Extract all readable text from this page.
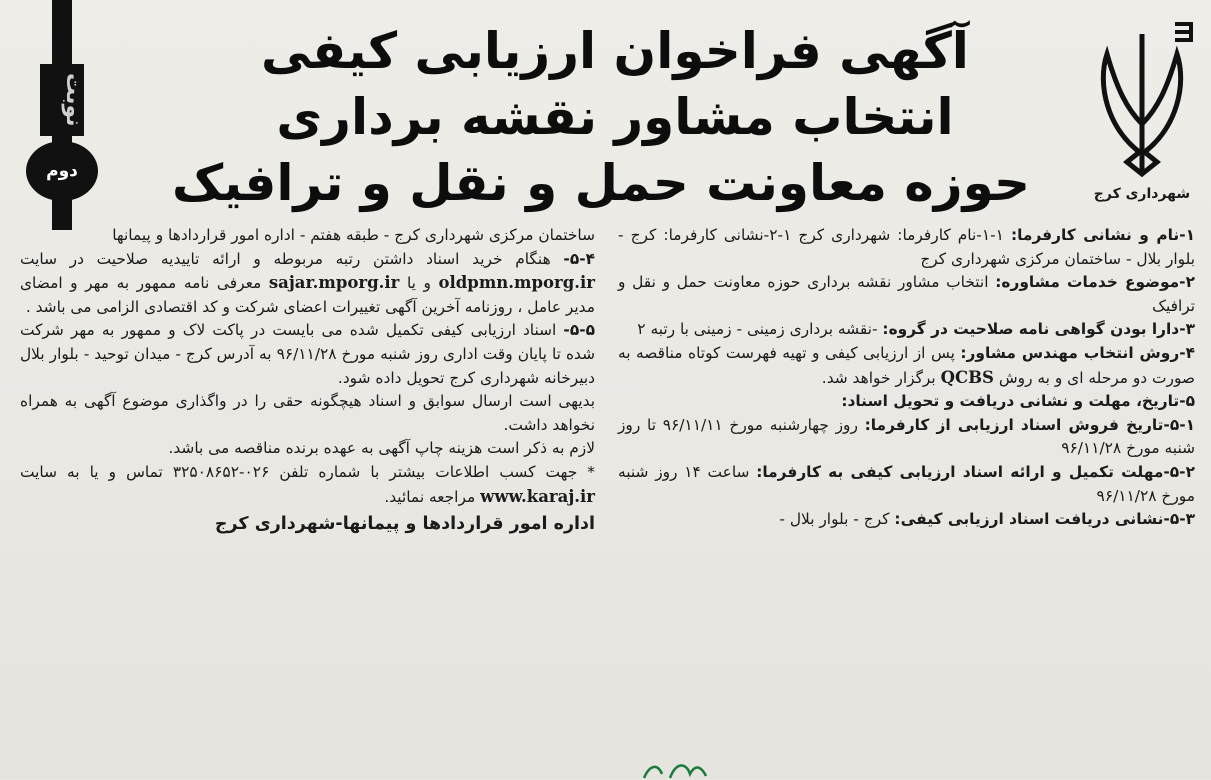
نوبت
دوم
شهرداری کرج
آگهی فراخوان ارزیابی کیفی
انتخاب مشاور نقشه برداری
حوزه معاونت حمل و نقل و ترافیک

۱-نام و نشانی کارفرما: ۱-۱-نام کارفرما: شهرداری کرج ۱-۲-نشانی کارفرما: کرج - بلوار بلال - ساختمان مرکزی شهرداری کرج

۲-موضوع خدمات مشاوره: انتخاب مشاور نقشه برداری حوزه معاونت حمل و نقل و ترافیک

۳-دارا بودن گواهی نامه صلاحیت در گروه: -نقشه برداری زمینی - زمینی با رتبه ۲

۴-روش انتخاب مهندس مشاور: پس از ارزیابی کیفی و تهیه فهرست کوتاه مناقصه به صورت دو مرحله ای و به روش QCBS برگزار خواهد شد.

۵-تاریخ، مهلت و نشانی دریافت و تحویل اسناد:

۵-۱-تاریخ فروش اسناد ارزیابی از کارفرما: روز چهارشنبه مورخ ۹۶/۱۱/۱۱ تا روز شنبه مورخ ۹۶/۱۱/۲۸

۵-۲-مهلت تکمیل و ارائه اسناد ارزیابی کیفی به کارفرما: ساعت ۱۴ روز شنبه مورخ ۹۶/۱۱/۲۸

۵-۳-نشانی دریافت اسناد ارزیابی کیفی: کرج - بلوار بلال -

ساختمان مرکزی شهرداری کرج - طبقه هفتم - اداره امور قراردادها و پیمانها

۵-۴- هنگام خرید اسناد داشتن رتبه مربوطه و ارائه تاییدیه صلاحیت در سایت oldpmn.mporg.ir و یا sajar.mporg.ir معرفی نامه ممهور به مهر و امضای مدیر عامل ، روزنامه آخرین آگهی تغییرات اعضای شرکت و کد اقتصادی الزامی می باشد .

۵-۵- اسناد ارزیابی کیفی تکمیل شده می بایست در پاکت لاک و ممهور به مهر شرکت شده تا پایان وقت اداری روز شنبه مورخ ۹۶/۱۱/۲۸ به آدرس کرج - میدان توحید - بلوار بلال دبیرخانه شهرداری کرج تحویل داده شود.

بدیهی است ارسال سوابق و اسناد هیچگونه حقی را در واگذاری موضوع آگهی به همراه نخواهد داشت.

لازم به ذکر است هزینه چاپ آگهی به عهده برنده مناقصه می باشد.

* جهت کسب اطلاعات بیشتر با شماره تلفن ۰۲۶-۳۲۵۰۸۶۵۲ تماس و یا به سایت www.karaj.ir مراجعه نمائید.

اداره امور قراردادها و پیمانها-شهرداری کرج
